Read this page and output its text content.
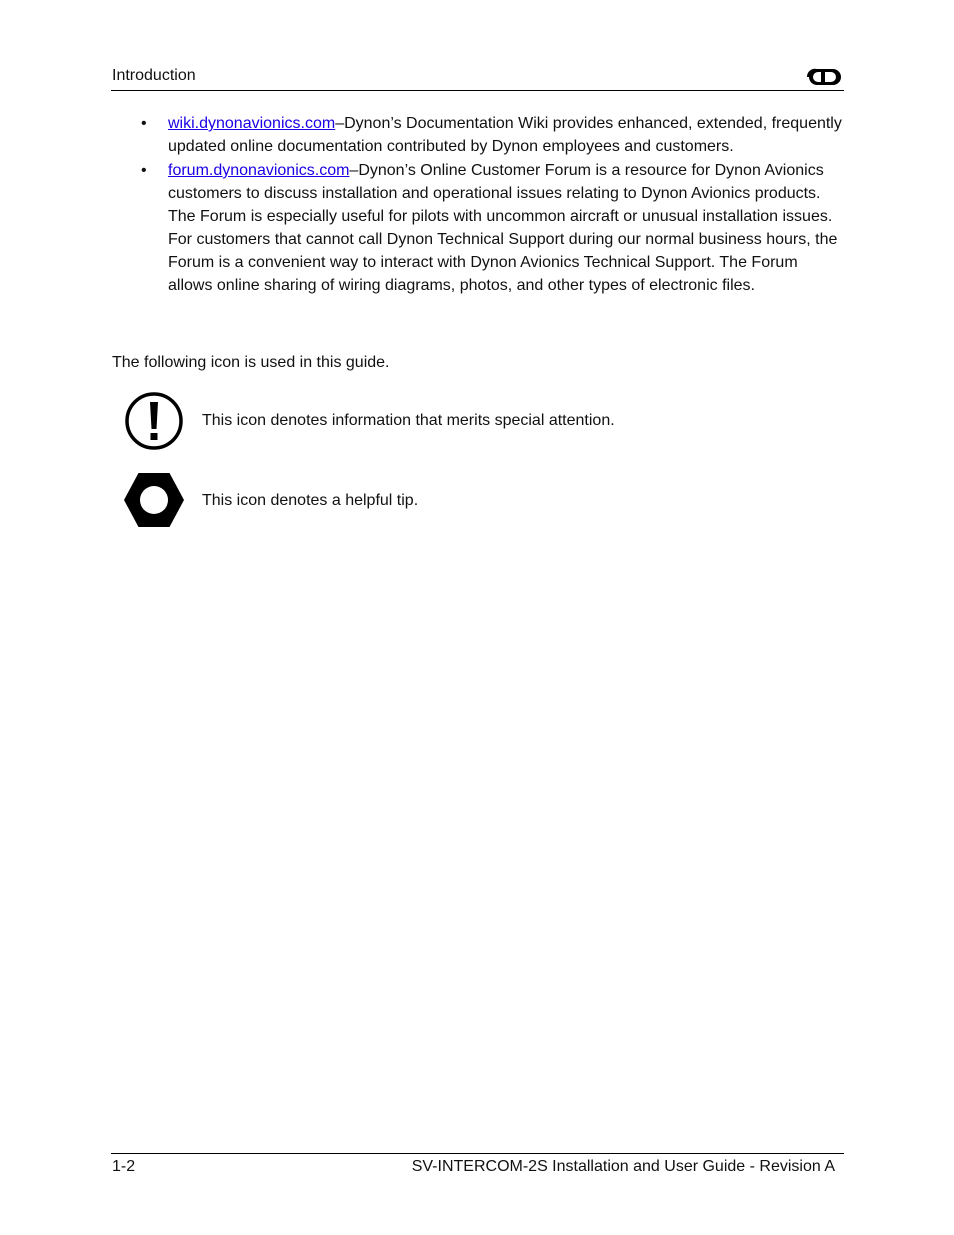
Introduction
• wiki.dynonavionics.com–Dynon’s Documentation Wiki provides enhanced, extended, frequently updated online documentation contributed by Dynon employees and customers.
• forum.dynonavionics.com–Dynon’s Online Customer Forum is a resource for Dynon Avionics customers to discuss installation and operational issues relating to Dynon Avionics products. The Forum is especially useful for pilots with uncommon aircraft or unusual installation issues. For customers that cannot call Dynon Technical Support during our normal business hours, the Forum is a convenient way to interact with Dynon Avionics Technical Support. The Forum allows online sharing of wiring diagrams, photos, and other types of electronic files.
The following icon is used in this guide.
This icon denotes information that merits special attention.
This icon denotes a helpful tip.
1-2	SV-INTERCOM-2S Installation and User Guide - Revision A
